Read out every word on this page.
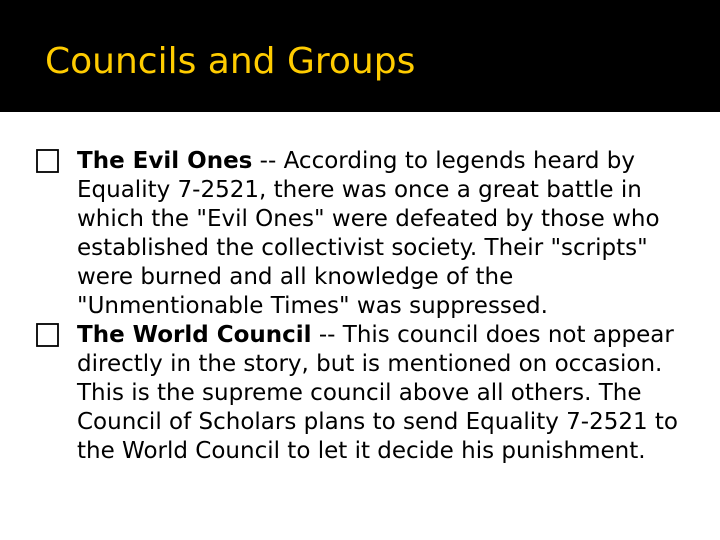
Councils and Groups
The Evil Ones -- According to legends heard by Equality 7-2521, there was once a great battle in which the "Evil Ones" were defeated by those who established the collectivist society. Their "scripts" were burned and all knowledge of the "Unmentionable Times" was suppressed.
The World Council -- This council does not appear directly in the story, but is mentioned on occasion. This is the supreme council above all others. The Council of Scholars plans to send Equality 7-2521 to the World Council to let it decide his punishment.
